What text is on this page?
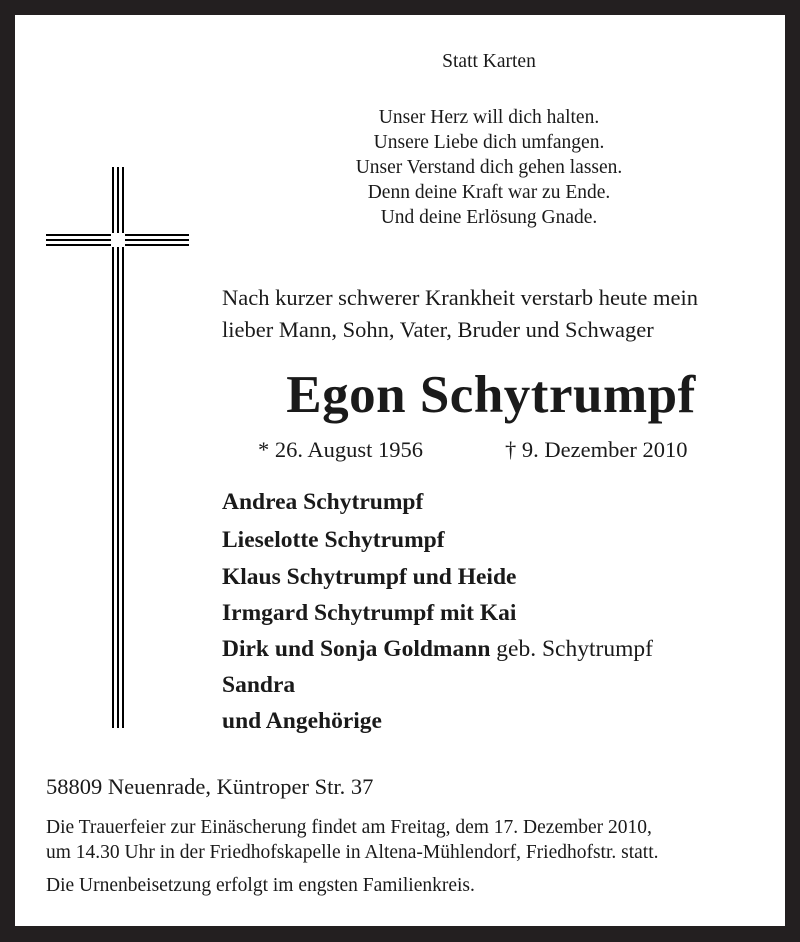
Statt Karten
Unser Herz will dich halten.
Unsere Liebe dich umfangen.
Unser Verstand dich gehen lassen.
Denn deine Kraft war zu Ende.
Und deine Erlösung Gnade.
Nach kurzer schwerer Krankheit verstarb heute mein
lieber Mann, Sohn, Vater, Bruder und Schwager
Egon Schytrumpf
* 26. August 1956	† 9. Dezember 2010
Andrea Schytrumpf
Lieselotte Schytrumpf
Klaus Schytrumpf und Heide
Irmgard Schytrumpf mit Kai
Dirk und Sonja Goldmann geb. Schytrumpf
Sandra
und Angehörige
58809 Neuenrade, Küntroper Str. 37
Die Trauerfeier zur Einäscherung findet am Freitag, dem 17. Dezember 2010,
um 14.30 Uhr in der Friedhofskapelle in Altena-Mühlendorf, Friedhofstr. statt.
Die Urnenbeisetzung erfolgt im engsten Familienkreis.
